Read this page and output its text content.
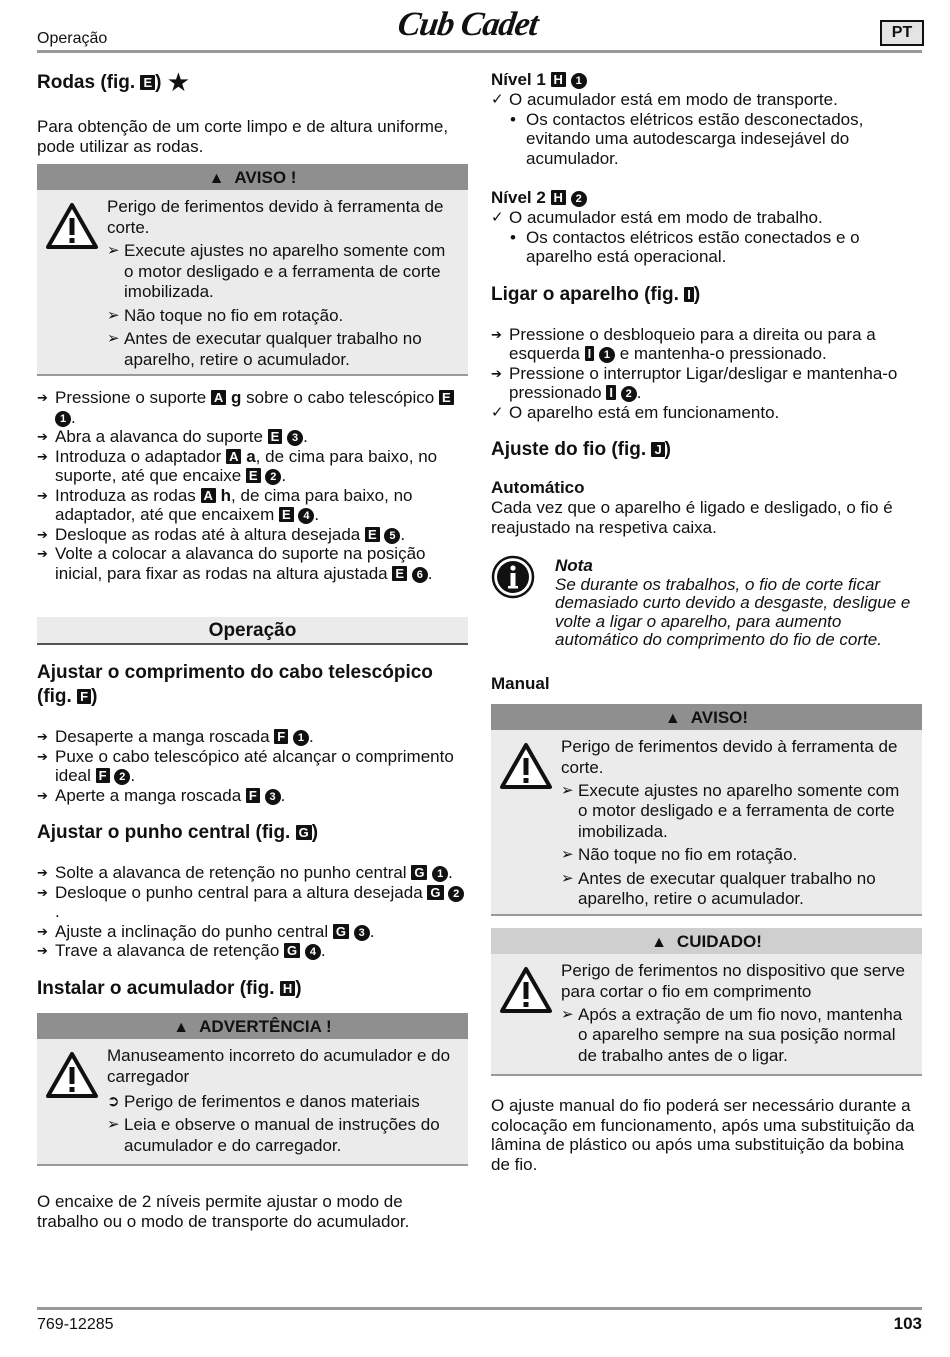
Operação	Cub Cadet	PT
Rodas (fig. E ) ★

Para obtenção de um corte limpo e de altura uniforme, pode utilizar as rodas.

▲ AVISO !

Perigo de ferimentos devido à ferramenta de corte.

➢ Execute ajustes no aparelho somente com o motor desligado e a ferramenta de corte imobilizada.
➢ Não toque no fio em rotação.
➢ Antes de executar qualquer trabalho no aparelho, retire o acumulador.
➔ Pressione o suporte A g sobre o cabo telescópico E 1 .
➔ Abra a alavanca do suporte E 3 .
➔ Introduza o adaptador A a, de cima para baixo, no suporte, até que encaixe E 2 .
➔ Introduza as rodas A h, de cima para baixo, no adaptador, até que encaixem E 4 .
➔ Desloque as rodas até à altura desejada E 5 .
➔ Volte a colocar a alavanca do suporte na posição inicial, para fixar as rodas na altura ajustada E 6 .
Operação
Ajustar o comprimento do cabo telescópico (fig. F )
➔ Desaperte a manga roscada F 1 .
➔ Puxe o cabo telescópico até alcançar o comprimento ideal F 2 .
➔ Aperte a manga roscada F 3 .
Ajustar o punho central (fig. G )
➔ Solte a alavanca de retenção no punho central G 1 .
➔ Desloque o punho central para a altura desejada G 2.
➔ Ajuste a inclinação do punho central G 3 .
➔ Trave a alavanca de retenção G 4 .
Instalar o acumulador (fig. H )
▲ ADVERTÊNCIA !

Manuseamento incorreto do acumulador e do carregador

➲ Perigo de ferimentos e danos materiais
➢ Leia e observe o manual de instruções do acumulador e do carregador.

O encaixe de 2 níveis permite ajustar o modo de trabalho ou o modo de transporte do acumulador.

Nível 1 H 1
✓ O acumulador está em modo de transporte.
• Os contactos elétricos estão desconectados, evitando uma autodescarga indesejável do acumulador.
Nível 2 H 2
✓ O acumulador está em modo de trabalho.
• Os contactos elétricos estão conectados e o aparelho está operacional.
Ligar o aparelho (fig. I )
➔ Pressione o desbloqueio para a direita ou para a esquerda I 1 e mantenha-o pressionado.
➔ Pressione o interruptor Ligar/desligar e mantenha-o pressionado I 2 .
✓ O aparelho está em funcionamento.
Ajuste do fio (fig. J )
Automático

Cada vez que o aparelho é ligado e desligado, o fio é reajustado na respetiva caixa.

Nota
Se durante os trabalhos, o fio de corte ficar demasiado curto devido a desgaste, desligue e volte a ligar o aparelho, para aumento automático do comprimento do fio de corte.
Manual
▲ AVISO!

Perigo de ferimentos devido à ferramenta de corte.

➢ Execute ajustes no aparelho somente com o motor desligado e a ferramenta de corte imobilizada.
➢ Não toque no fio em rotação.
➢ Antes de executar qualquer trabalho no aparelho, retire o acumulador.
▲ CUIDADO!

Perigo de ferimentos no dispositivo que serve para cortar o fio em comprimento

➢ Após a extração de um fio novo, mantenha o aparelho sempre na sua posição normal de trabalho antes de o ligar.

O ajuste manual do fio poderá ser necessário durante a colocação em funcionamento, após uma substituição da lâmina de plástico ou após uma substituição da bobina de fio.

769-12285	103
